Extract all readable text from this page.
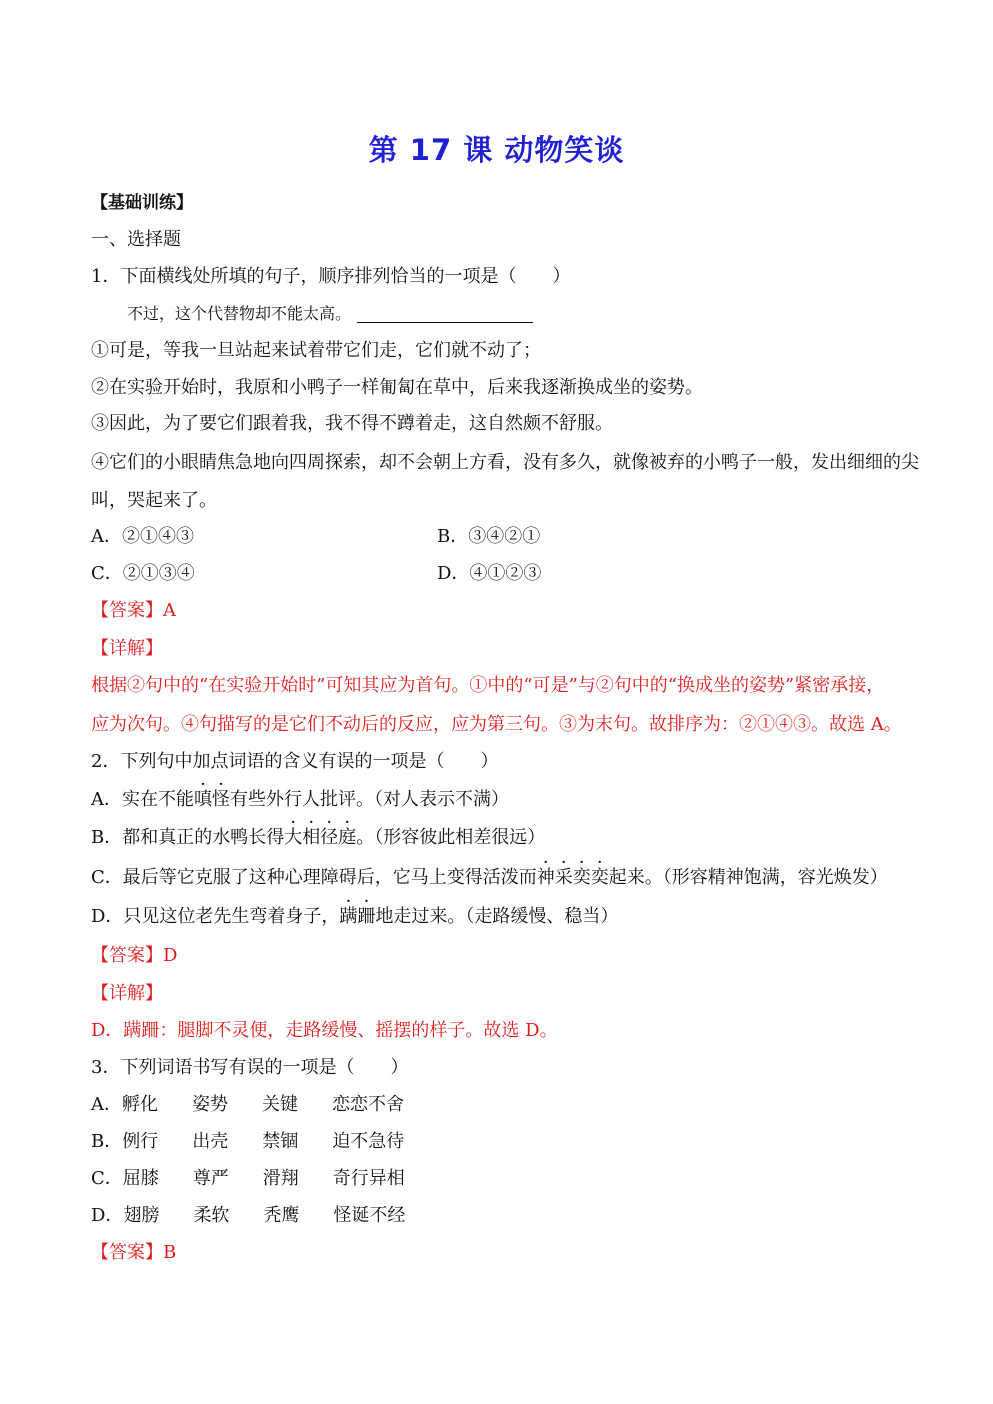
第 17 课 动物笑谈
【基础训练】
一、选择题
1．下面横线处所填的句子，顺序排列恰当的一项是（　　）
不过，这个代替物却不能太高。
①可是，等我一旦站起来试着带它们走，它们就不动了；
②在实验开始时，我原和小鸭子一样匍匐在草中，后来我逐渐换成坐的姿势。
③因此，为了要它们跟着我，我不得不蹲着走，这自然颇不舒服。
④它们的小眼睛焦急地向四周探索，却不会朝上方看，没有多久，就像被弃的小鸭子一般，发出细细的尖
叫，哭起来了。
A．②①④③	B．③④②①
C．②①③④	D．④①②③
【答案】A
【详解】
根据②句中的“在实验开始时”可知其应为首句。①中的“可是”与②句中的“换成坐的姿势”紧密承接，
应为次句。④句描写的是它们不动后的反应，应为第三句。③为末句。故排序为：②①④③。故选 A。
2．下列句中加点词语的含义有误的一项是（　　）
A．实在不能嗔怪有些外行人批评。（对人表示不满）
B．都和真正的水鸭长得大相径庭。（形容彼此相差很远）
C．最后等它克服了这种心理障碍后，它马上变得活泼而神采奕奕起来。（形容精神饱满，容光焕发）
D．只见这位老先生弯着身子，蹒跚地走过来。（走路缓慢、稳当）
【答案】D
【详解】
D．蹒跚：腿脚不灵便，走路缓慢、摇摆的样子。故选 D。
3．下列词语书写有误的一项是（　　）
A．孵化 姿势 关键 恋恋不舍
B．例行 出壳 禁锢 迫不急待
C．屈膝 尊严 滑翔 奇行异相
D．翅膀 柔软 秃鹰 怪诞不经
【答案】B
